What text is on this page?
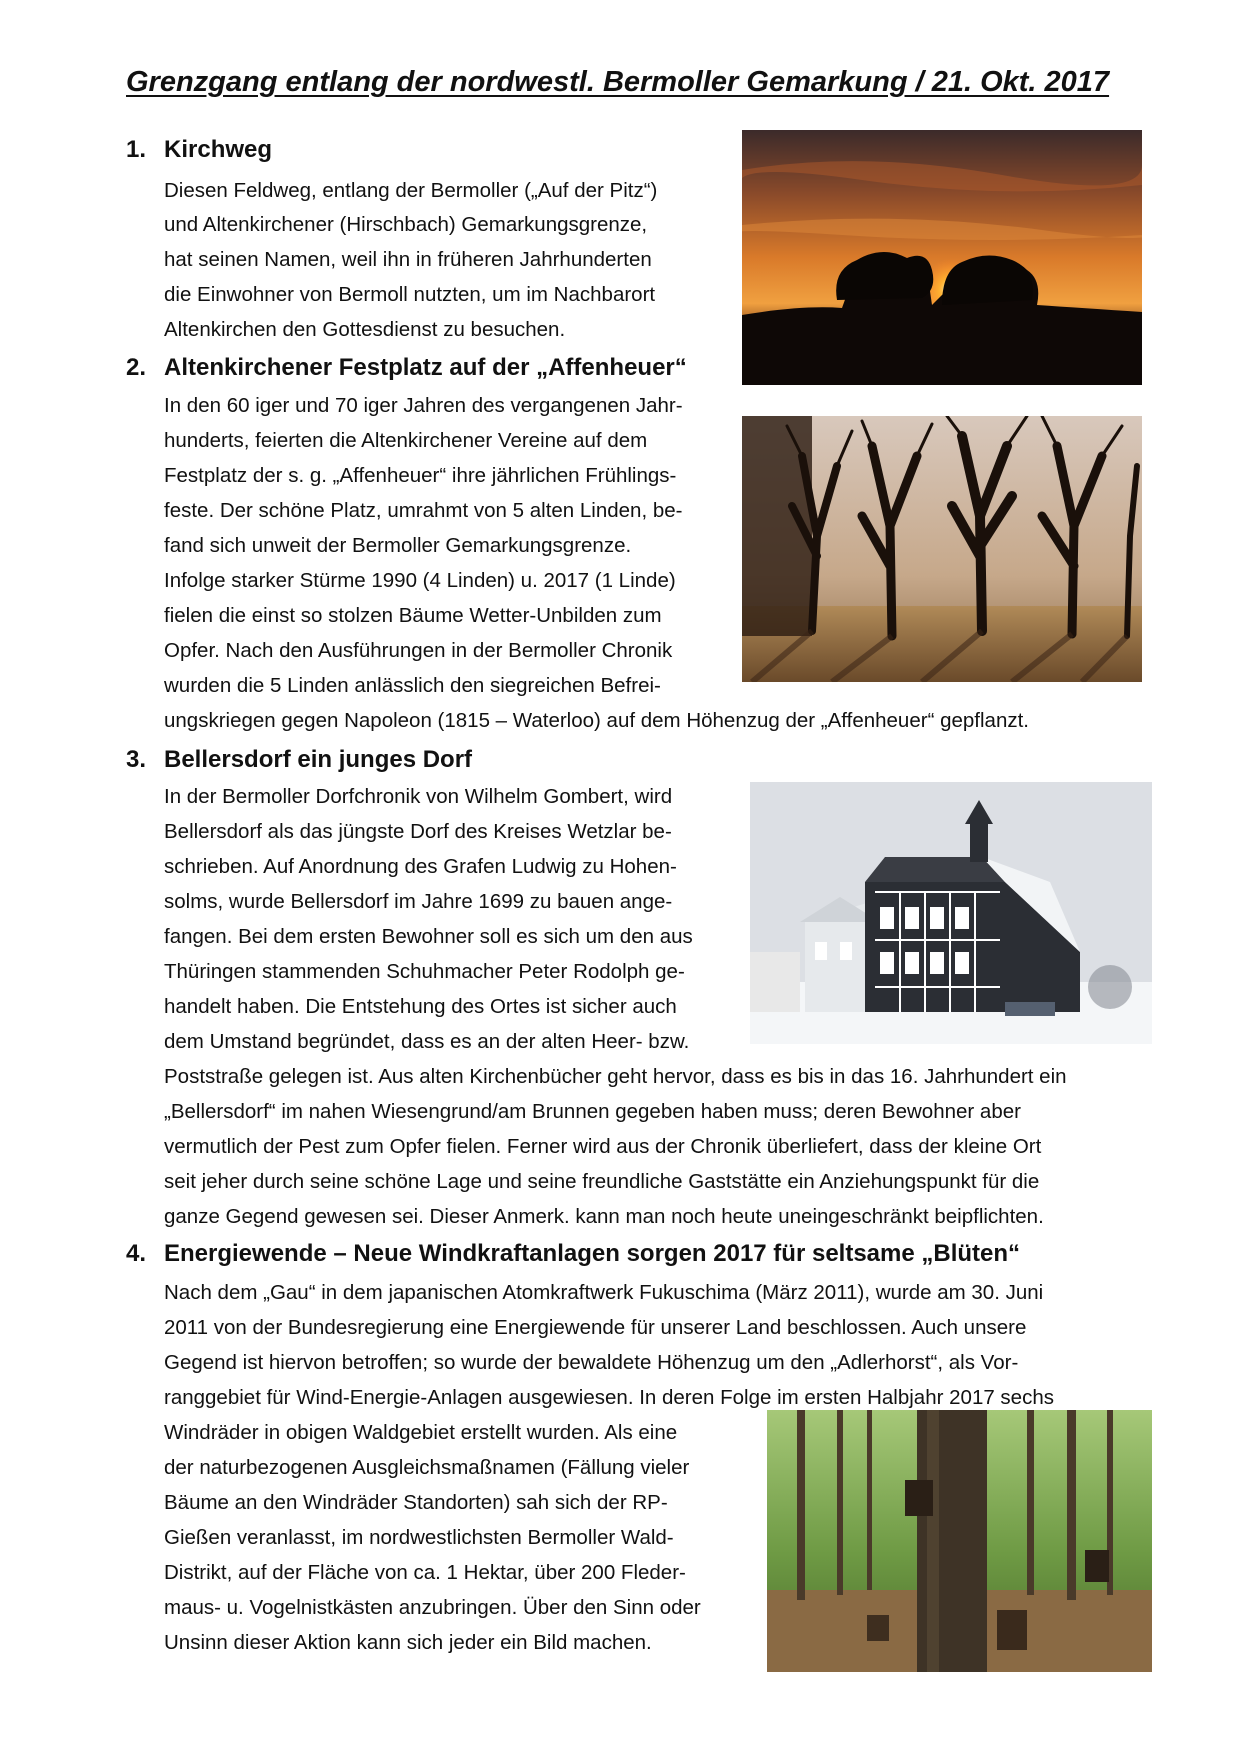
Grenzgang entlang der nordwestl. Bermoller Gemarkung / 21. Okt. 2017
1. Kirchweg
Diesen Feldweg, entlang der Bermoller („Auf der Pitz“)
und Altenkirchener (Hirschbach) Gemarkungsgrenze,
hat seinen Namen, weil ihn in früheren Jahrhunderten
die Einwohner von Bermoll nutzten, um im Nachbarort
Altenkirchen den Gottesdienst zu besuchen.
2. Altenkirchener Festplatz auf der „Affenheuer“
In den 60 iger und 70 iger Jahren des vergangenen Jahr-
hunderts, feierten die Altenkirchener Vereine auf dem
Festplatz der s. g. „Affenheuer“ ihre jährlichen Frühlings-
feste. Der schöne Platz, umrahmt von 5 alten Linden, be-
fand sich unweit der Bermoller Gemarkungsgrenze.
Infolge starker Stürme 1990 (4 Linden) u. 2017 (1 Linde)
fielen die einst so stolzen Bäume Wetter-Unbilden zum
Opfer. Nach den Ausführungen in der Bermoller Chronik
wurden die 5 Linden anlässlich den siegreichen Befrei-
ungskriegen gegen Napoleon (1815 – Waterloo) auf dem Höhenzug der „Affenheuer“ gepflanzt.
3. Bellersdorf ein junges Dorf
In der Bermoller Dorfchronik von Wilhelm Gombert, wird
Bellersdorf als das jüngste Dorf des Kreises Wetzlar be-
schrieben. Auf Anordnung des Grafen Ludwig zu Hohen-
solms, wurde Bellersdorf im Jahre 1699 zu bauen ange-
fangen. Bei dem ersten Bewohner soll es sich um den aus
Thüringen stammenden Schuhmacher Peter Rodolph ge-
handelt haben. Die Entstehung des Ortes ist sicher auch
dem Umstand begründet, dass es an der alten Heer- bzw.
Poststraße gelegen ist. Aus alten Kirchenbücher geht hervor, dass es bis in das 16. Jahrhundert ein
„Bellersdorf“ im nahen Wiesengrund/am Brunnen gegeben haben muss; deren Bewohner aber
vermutlich der Pest zum Opfer fielen. Ferner wird aus der Chronik überliefert, dass der kleine Ort
seit jeher durch seine schöne Lage und seine freundliche Gaststätte ein Anziehungspunkt für die
ganze Gegend gewesen sei. Dieser Anmerk. kann man noch heute uneingeschränkt beipflichten.
4. Energiewende – Neue Windkraftanlagen sorgen 2017 für seltsame „Blüten“
Nach dem „Gau“ in dem japanischen Atomkraftwerk Fukuschima (März 2011), wurde am 30. Juni
2011 von der Bundesregierung eine Energiewende für unserer Land beschlossen. Auch unsere
Gegend ist hiervon betroffen; so wurde der bewaldete Höhenzug um den „Adlerhorst“, als Vor-
ranggebiet für Wind-Energie-Anlagen ausgewiesen. In deren Folge im ersten Halbjahr 2017 sechs
Windräder in obigen Waldgebiet erstellt wurden. Als eine
der naturbezogenen Ausgleichsmaßnamen (Fällung vieler
Bäume an den Windräder Standorten) sah sich der RP-
Gießen veranlasst, im nordwestlichsten Bermoller Wald-
Distrikt, auf der Fläche von ca. 1 Hektar, über 200 Fleder-
maus- u. Vogelnistkästen anzubringen. Über den Sinn oder
Unsinn dieser Aktion kann sich jeder ein Bild machen.
